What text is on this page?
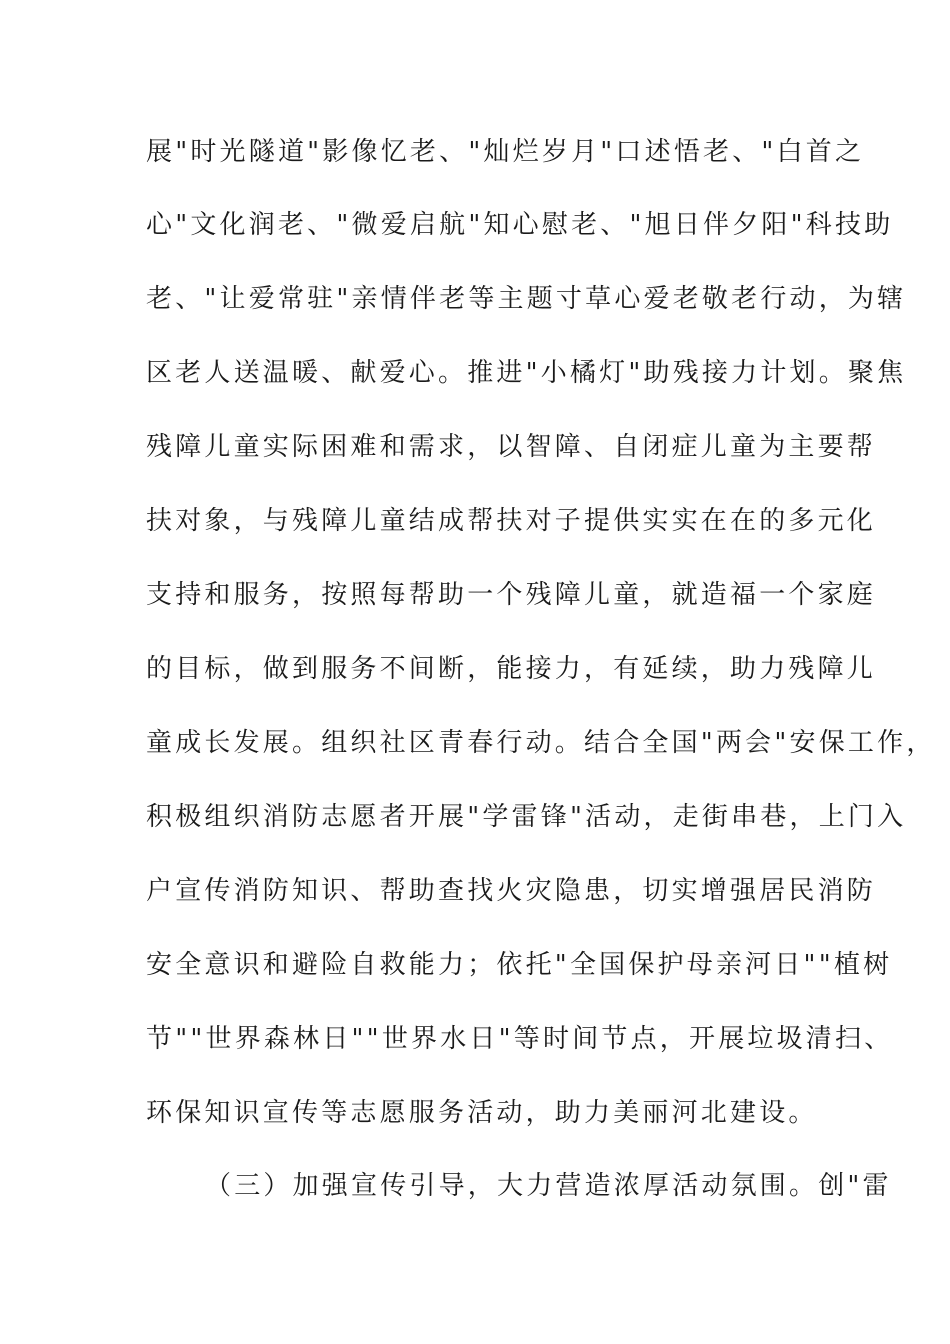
展"时光隧道"影像忆老、"灿烂岁月"口述悟老、"白首之
心"文化润老、"微爱启航"知心慰老、"旭日伴夕阳"科技助
老、"让爱常驻"亲情伴老等主题寸草心爱老敬老行动，为辖
区老人送温暖、献爱心。推进"小橘灯"助残接力计划。聚焦
残障儿童实际困难和需求，以智障、自闭症儿童为主要帮
扶对象，与残障儿童结成帮扶对子提供实实在在的多元化
支持和服务，按照每帮助一个残障儿童，就造福一个家庭
的目标，做到服务不间断，能接力，有延续，助力残障儿
童成长发展。组织社区青春行动。结合全国"两会"安保工作，
积极组织消防志愿者开展"学雷锋"活动，走街串巷，上门入
户宣传消防知识、帮助查找火灾隐患，切实增强居民消防
安全意识和避险自救能力；依托"全国保护母亲河日""植树
节""世界森林日""世界水日"等时间节点，开展垃圾清扫、
环保知识宣传等志愿服务活动，助力美丽河北建设。
（三）加强宣传引导，大力营造浓厚活动氛围。创"雷
